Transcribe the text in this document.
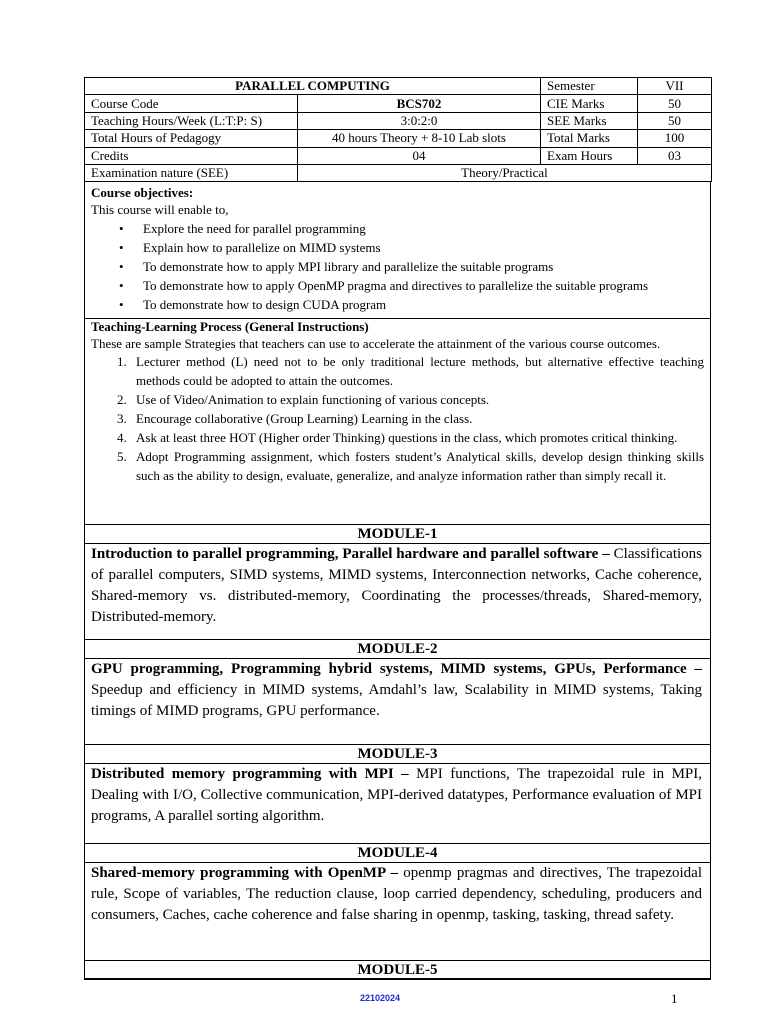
PARALLEL COMPUTING		Semester	VII
Course Code	BCS702	CIE Marks	50
Teaching Hours/Week (L:T:P: S)	3:0:2:0	SEE Marks	50
Total Hours of Pedagogy	40 hours Theory + 8-10 Lab slots	Total Marks	100
Credits	04	Exam Hours	03
Examination nature (SEE)	Theory/Practical		
Course objectives:
This course will enable to,
• Explore the need for parallel programming
• Explain how to parallelize on MIMD systems
• To demonstrate how to apply MPI library and parallelize the suitable programs
• To demonstrate how to apply OpenMP pragma and directives to parallelize the suitable programs
• To demonstrate how to design CUDA program
Teaching-Learning Process (General Instructions)
These are sample Strategies that teachers can use to accelerate the attainment of the various course outcomes.
1. Lecturer method (L) need not to be only traditional lecture methods, but alternative effective teaching methods could be adopted to attain the outcomes.
2. Use of Video/Animation to explain functioning of various concepts.
3. Encourage collaborative (Group Learning) Learning in the class.
4. Ask at least three HOT (Higher order Thinking) questions in the class, which promotes critical thinking.
5. Adopt Programming assignment, which fosters student’s Analytical skills, develop design thinking skills such as the ability to design, evaluate, generalize, and analyze information rather than simply recall it.
MODULE-1
Introduction to parallel programming, Parallel hardware and parallel software – Classifications of parallel computers, SIMD systems, MIMD systems, Interconnection networks, Cache coherence, Shared-memory vs. distributed-memory, Coordinating the processes/threads, Shared-memory, Distributed-memory.
MODULE-2
GPU programming, Programming hybrid systems, MIMD systems, GPUs, Performance – Speedup and efficiency in MIMD systems, Amdahl’s law, Scalability in MIMD systems, Taking timings of MIMD programs, GPU performance.
MODULE-3
Distributed memory programming with MPI – MPI functions, The trapezoidal rule in MPI, Dealing with I/O, Collective communication, MPI-derived datatypes, Performance evaluation of MPI programs, A parallel sorting algorithm.
MODULE-4
Shared-memory programming with OpenMP – openmp pragmas and directives, The trapezoidal rule, Scope of variables, The reduction clause, loop carried dependency, scheduling, producers and consumers, Caches, cache coherence and false sharing in openmp, tasking, tasking, thread safety.
MODULE-5
22102024	1
